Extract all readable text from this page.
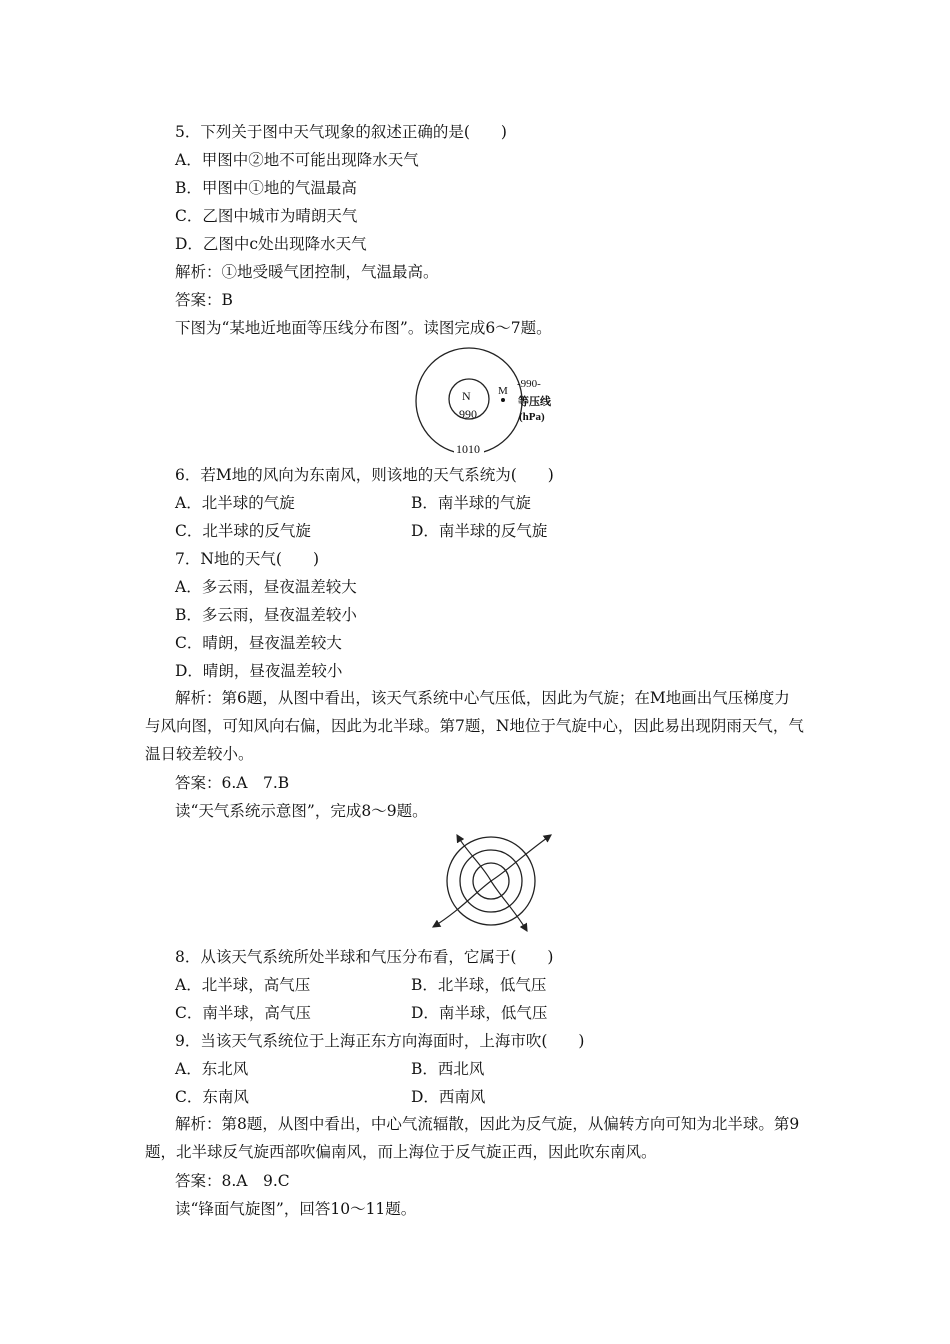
5．下列关于图中天气现象的叙述正确的是(　　)
A．甲图中②地不可能出现降水天气
B．甲图中①地的气温最高
C．乙图中城市为晴朗天气
D．乙图中c处出现降水天气
解析：①地受暖气团控制，气温最高。
答案：B
下图为“某地近地面等压线分布图”。读图完成6～7题。
N
990
M
1010
-990-
等压线
(hPa)
6．若M地的风向为东南风，则该地的天气系统为(　　)
A．北半球的气旋	B．南半球的气旋
C．北半球的反气旋	D．南半球的反气旋
7．N地的天气(　　)
A．多云雨，昼夜温差较大
B．多云雨，昼夜温差较小
C．晴朗，昼夜温差较大
D．晴朗，昼夜温差较小
解析：第6题，从图中看出，该天气系统中心气压低，因此为气旋；在M地画出气压梯度力与风向图，可知风向右偏，因此为北半球。第7题，N地位于气旋中心，因此易出现阴雨天气，气温日较差较小。
答案：6.A　7.B
读“天气系统示意图”，完成8～9题。
8．从该天气系统所处半球和气压分布看，它属于(　　)
A．北半球，高气压	B．北半球，低气压
C．南半球，高气压	D．南半球，低气压
9．当该天气系统位于上海正东方向海面时，上海市吹(　　)
A．东北风	B．西北风
C．东南风	D．西南风
解析：第8题，从图中看出，中心气流辐散，因此为反气旋，从偏转方向可知为北半球。第9题，北半球反气旋西部吹偏南风，而上海位于反气旋正西，因此吹东南风。
答案：8.A　9.C
读“锋面气旋图”，回答10～11题。
